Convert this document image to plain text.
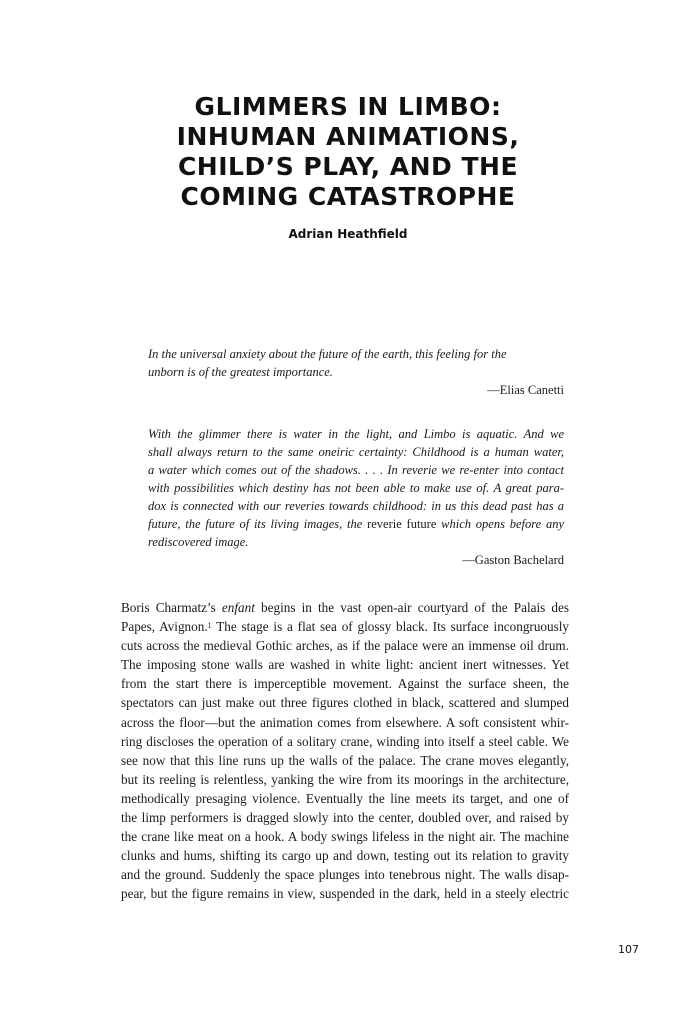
GLIMMERS IN LIMBO:
INHUMAN ANIMATIONS,
CHILD’S PLAY, AND THE
COMING CATASTROPHE
Adrian Heathfield
In the universal anxiety about the future of the earth, this feeling for the
unborn is of the greatest importance.
—Elias Canetti
With the glimmer there is water in the light, and Limbo is aquatic. And we
shall always return to the same oneiric certainty: Childhood is a human water,
a water which comes out of the shadows. . . . In reverie we re-enter into contact
with possibilities which destiny has not been able to make use of. A great para-
dox is connected with our reveries towards childhood: in us this dead past has a
future, the future of its living images, the reverie future which opens before any
rediscovered image.
—Gaston Bachelard
Boris Charmatz’s enfant begins in the vast open-air courtyard of the Palais des
Papes, Avignon.$^1$ The stage is a flat sea of glossy black. Its surface incongruously
cuts across the medieval Gothic arches, as if the palace were an immense oil drum.
The imposing stone walls are washed in white light: ancient inert witnesses. Yet
from the start there is imperceptible movement. Against the surface sheen, the
spectators can just make out three figures clothed in black, scattered and slumped
across the floor—but the animation comes from elsewhere. A soft consistent whir-
ring discloses the operation of a solitary crane, winding into itself a steel cable. We
see now that this line runs up the walls of the palace. The crane moves elegantly,
but its reeling is relentless, yanking the wire from its moorings in the architecture,
methodically presaging violence. Eventually the line meets its target, and one of
the limp performers is dragged slowly into the center, doubled over, and raised by
the crane like meat on a hook. A body swings lifeless in the night air. The machine
clunks and hums, shifting its cargo up and down, testing out its relation to gravity
and the ground. Suddenly the space plunges into tenebrous night. The walls disap-
pear, but the figure remains in view, suspended in the dark, held in a steely electric
107
